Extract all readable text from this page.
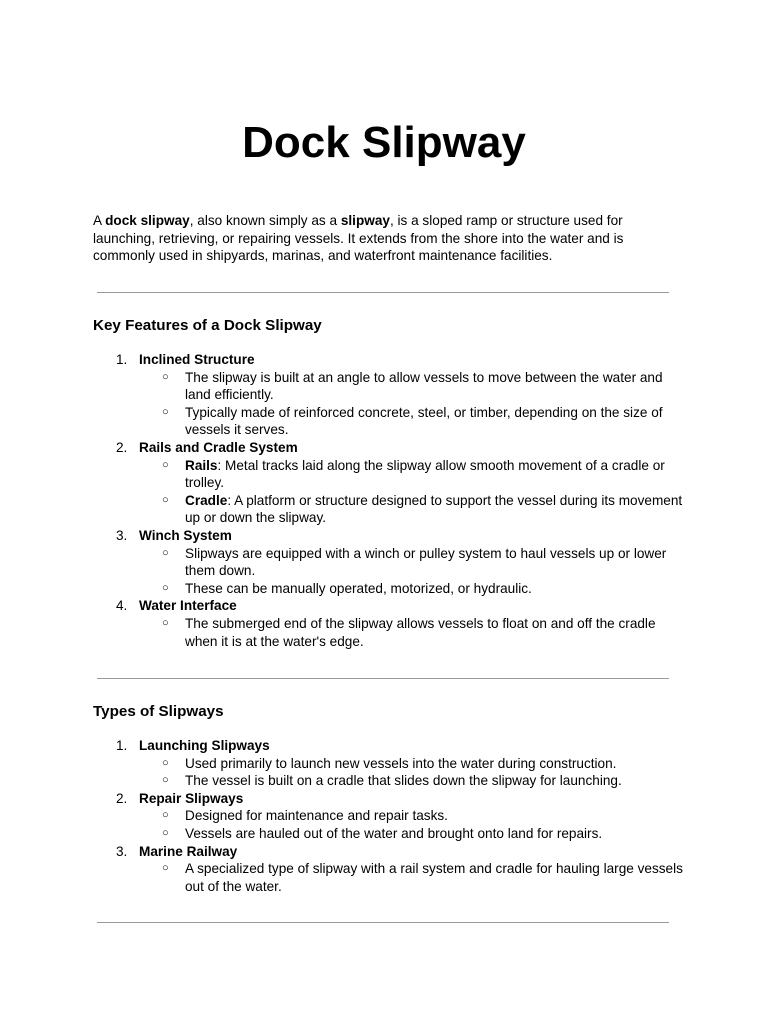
Dock Slipway

A dock slipway, also known simply as a slipway, is a sloped ramp or structure used for launching, retrieving, or repairing vessels. It extends from the shore into the water and is commonly used in shipyards, marinas, and waterfront maintenance facilities.

Key Features of a Dock Slipway
1. Inclined Structure
○ The slipway is built at an angle to allow vessels to move between the water and land efficiently.
○ Typically made of reinforced concrete, steel, or timber, depending on the size of vessels it serves.
2. Rails and Cradle System
○ Rails: Metal tracks laid along the slipway allow smooth movement of a cradle or trolley.
○ Cradle: A platform or structure designed to support the vessel during its movement up or down the slipway.
3. Winch System
○ Slipways are equipped with a winch or pulley system to haul vessels up or lower them down.
○ These can be manually operated, motorized, or hydraulic.
4. Water Interface
○ The submerged end of the slipway allows vessels to float on and off the cradle when it is at the water's edge.
Types of Slipways
1. Launching Slipways
○ Used primarily to launch new vessels into the water during construction.
○ The vessel is built on a cradle that slides down the slipway for launching.
2. Repair Slipways
○ Designed for maintenance and repair tasks.
○ Vessels are hauled out of the water and brought onto land for repairs.
3. Marine Railway
○ A specialized type of slipway with a rail system and cradle for hauling large vessels out of the water.
